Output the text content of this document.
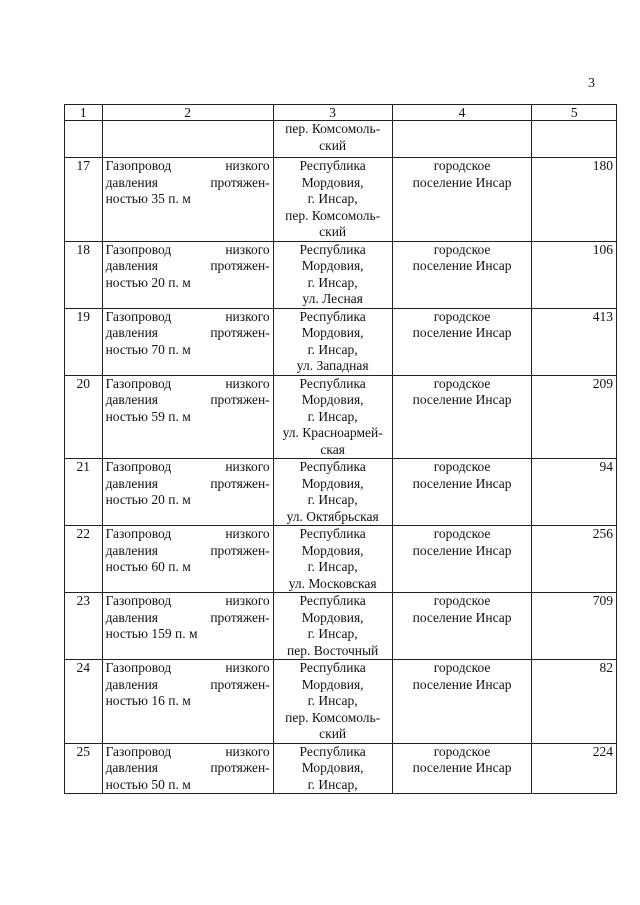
3
1	2	3	4	5
		пер. Комсомоль-
ский		
17	Газопровод низкого
давления протяжен-
ностью 35 п. м	Республика
Мордовия,
г. Инсар,
пер. Комсомоль-
ский	городское
поселение Инсар	180
18	Газопровод низкого
давления протяжен-
ностью 20 п. м	Республика
Мордовия,
г. Инсар,
ул. Лесная	городское
поселение Инсар	106
19	Газопровод низкого
давления протяжен-
ностью 70 п. м	Республика
Мордовия,
г. Инсар,
ул. Западная	городское
поселение Инсар	413
20	Газопровод низкого
давления протяжен-
ностью 59 п. м	Республика
Мордовия,
г. Инсар,
ул. Красноармей-
ская	городское
поселение Инсар	209
21	Газопровод низкого
давления протяжен-
ностью 20 п. м	Республика
Мордовия,
г. Инсар,
ул. Октябрьская	городское
поселение Инсар	94
22	Газопровод низкого
давления протяжен-
ностью 60 п. м	Республика
Мордовия,
г. Инсар,
ул. Московская	городское
поселение Инсар	256
23	Газопровод низкого
давления протяжен-
ностью 159 п. м	Республика
Мордовия,
г. Инсар,
пер. Восточный	городское
поселение Инсар	709
24	Газопровод низкого
давления протяжен-
ностью 16 п. м	Республика
Мордовия,
г. Инсар,
пер. Комсомоль-
ский	городское
поселение Инсар	82
25	Газопровод низкого
давления протяжен-
ностью 50 п. м	Республика
Мордовия,
г. Инсар,	городское
поселение Инсар	224
